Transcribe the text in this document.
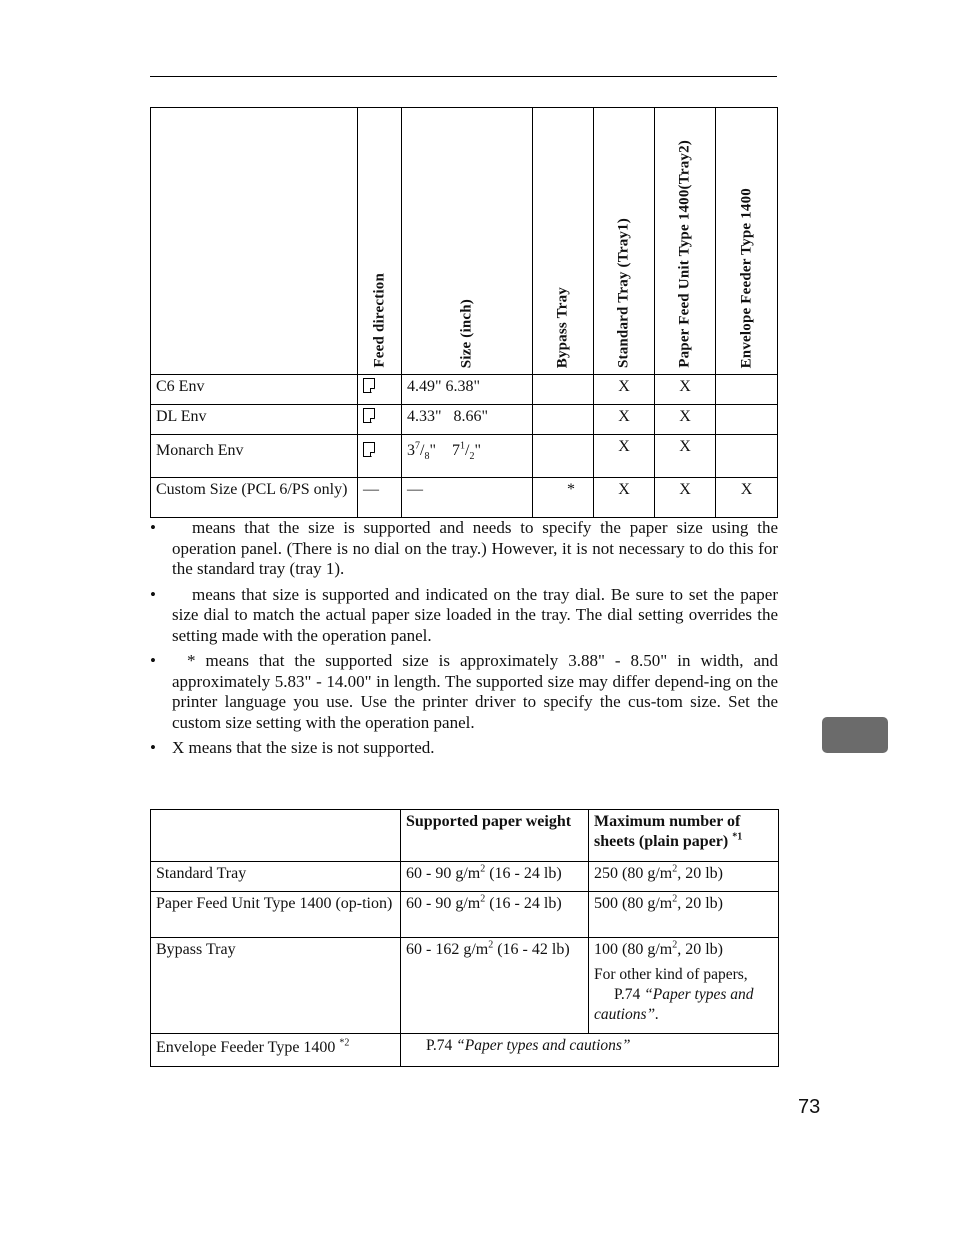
	Feed direction	Size (inch)	Bypass Tray	Standard Tray (Tray1)	Paper Feed Unit Type 1400(Tray2)	Envelope Feeder Type 1400

C6 Env		4.49" 6.38"		X	X	
DL Env		4.33"   8.66"		X	X	
Monarch Env		$3^7/_8$"    $7^1/_2$"		X	X	
Custom Size (PCL 6/PS only)	—	—	*	X	X	X
• means that the size is supported and needs to specify the paper size using the operation panel. (There is no dial on the tray.) However, it is not necessary to do this for the standard tray (tray 1).
• means that size is supported and indicated on the tray dial. Be sure to set the paper size dial to match the actual paper size loaded in the tray. The dial setting overrides the setting made with the operation panel.
• * means that the supported size is approximately 3.88" - 8.50" in width, and approximately 5.83" - 14.00" in length. The supported size may differ depend-ing on the printer language you use. Use the printer driver to specify the cus-tom size. Set the custom size setting with the operation panel.
• X means that the size is not supported.
	Supported paper weight	Maximum number of sheets (plain paper) $^{*1}$
Standard Tray	60 - 90 $g/m^2$ (16 - 24 lb)	250 (80 $g/m^2$, 20 lb)
Paper Feed Unit Type 1400 (op-tion)	60 - 90 $g/m^2$ (16 - 24 lb)	500 (80 $g/m^2$, 20 lb)
Bypass Tray	60 - 162 $g/m^2$ (16 - 42 lb)	100 (80 $g/m^2$, 20 lb)
For other kind of papers,
P.74 “Paper types and cautions”.

Envelope Feeder Type 1400 $^{*2}$	P.74 “Paper types and cautions”	
73
